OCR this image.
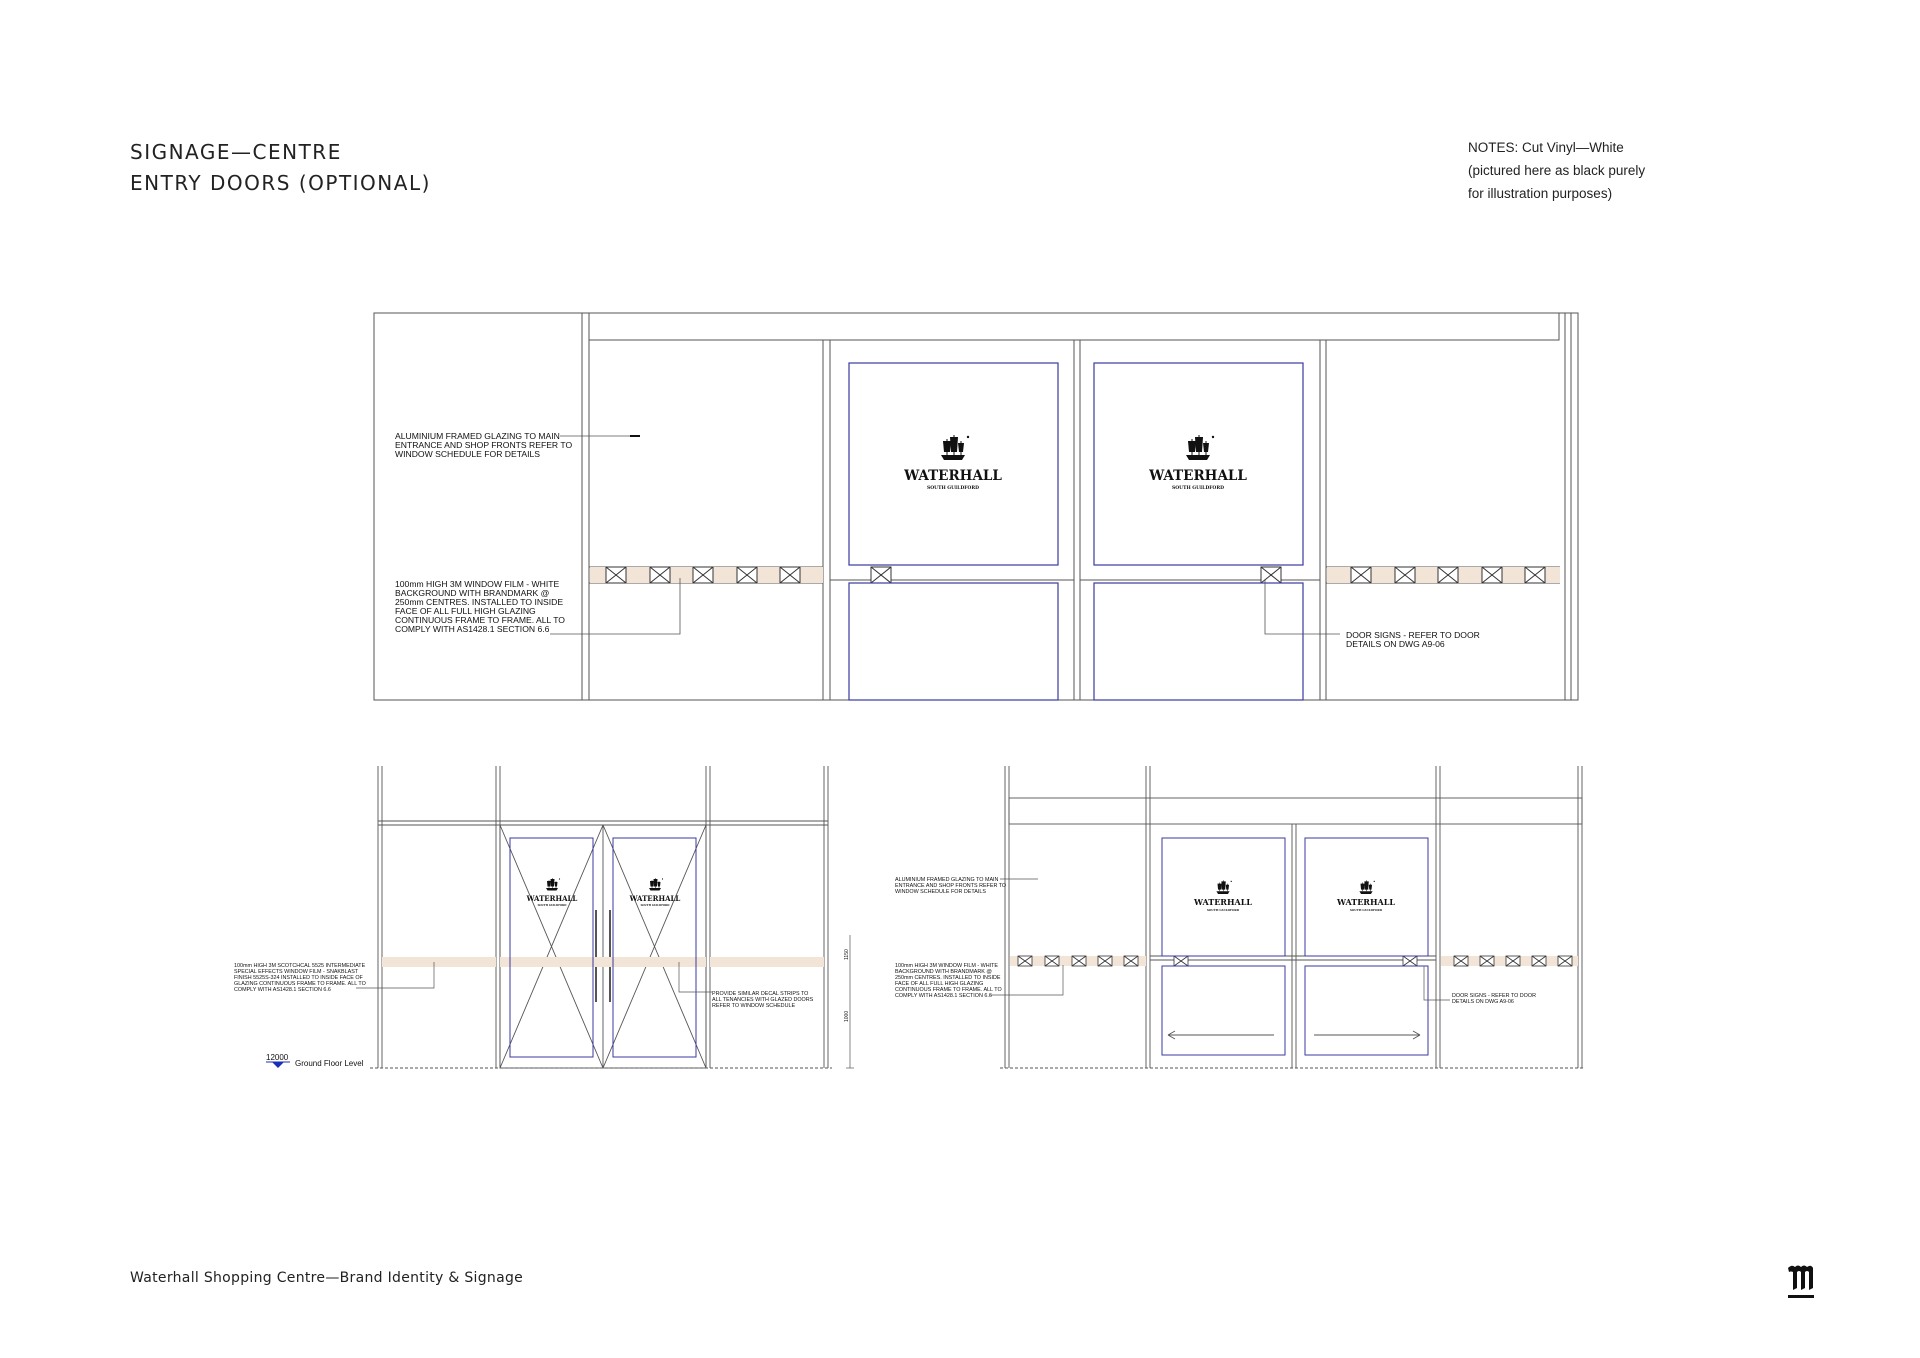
SIGNAGE—CENTRE
ENTRY DOORS (OPTIONAL)
NOTES: Cut Vinyl—White
(pictured here as black purely
for illustration purposes)
WATERHALL
SOUTH GUILDFORD
WATERHALL
SOUTH GUILDFORD
ALUMINIUM FRAMED GLAZING TO MAIN
ENTRANCE AND SHOP FRONTS REFER TO
WINDOW SCHEDULE FOR DETAILS
100mm HIGH 3M WINDOW FILM - WHITE
BACKGROUND WITH BRANDMARK @
250mm CENTRES. INSTALLED TO INSIDE
FACE OF ALL FULL HIGH GLAZING
CONTINUOUS FRAME TO FRAME. ALL TO
COMPLY WITH AS1428.1 SECTION 6.6
DOOR SIGNS - REFER TO DOOR
DETAILS ON DWG A9-06
WATERHALL
SOUTH GUILDFORD
WATERHALL
SOUTH GUILDFORD
100mm HIGH 3M SCOTCHCAL 5525 INTERMEDIATE
SPECIAL EFFECTS WINDOW FILM - SNAKBLAST
FINISH 5525S-324 INSTALLED TO INSIDE FACE OF
GLAZING CONTINUOUS FRAME TO FRAME. ALL TO
COMPLY WITH AS1428.1 SECTION 6.6
PROVIDE SIMILAR DECAL STRIPS TO
ALL TENANCIES WITH GLAZED DOORS
REFER TO WINDOW SCHEDULE
1150
1000
12000
Ground Floor Level
WATERHALL
SOUTH GUILDFORD
WATERHALL
SOUTH GUILDFORD
ALUMINIUM FRAMED GLAZING TO MAIN
ENTRANCE AND SHOP FRONTS REFER TO
WINDOW SCHEDULE FOR DETAILS
100mm HIGH 3M WINDOW FILM - WHITE
BACKGROUND WITH BRANDMARK @
250mm CENTRES. INSTALLED TO INSIDE
FACE OF ALL FULL HIGH GLAZING
CONTINUOUS FRAME TO FRAME. ALL TO
COMPLY WITH AS1428.1 SECTION 6.6	DOOR SIGNS - REFER TO DOOR
DETAILS ON DWG A9-06
Waterhall Shopping Centre—Brand Identity & Signage
